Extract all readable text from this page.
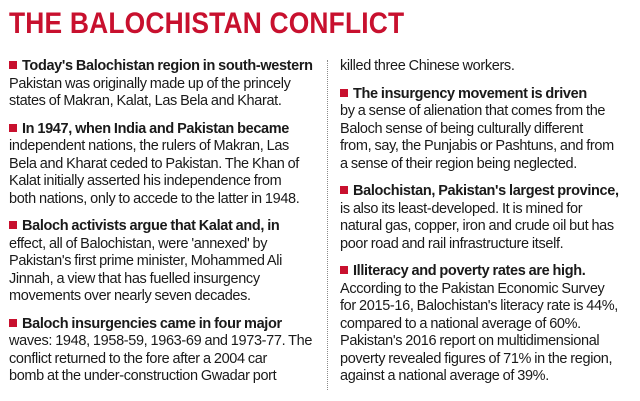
THE BALOCHISTAN CONFLICT
Today's Balochistan region in south-western
Pakistan was originally made up of the princely
states of Makran, Kalat, Las Bela and Kharat.
In 1947, when India and Pakistan became
independent nations, the rulers of Makran, Las
Bela and Kharat ceded to Pakistan. The Khan of
Kalat initially asserted his independence from
both nations, only to accede to the latter in 1948.
Baloch activists argue that Kalat and, in
effect, all of Balochistan, were 'annexed' by
Pakistan's first prime minister, Mohammed Ali
Jinnah, a view that has fuelled insurgency
movements over nearly seven decades.
Baloch insurgencies came in four major
waves: 1948, 1958-59, 1963-69 and 1973-77. The
conflict returned to the fore after a 2004 car
bomb at the under-construction Gwadar port
killed three Chinese workers.
The insurgency movement is driven
by a sense of alienation that comes from the
Baloch sense of being culturally different
from, say, the Punjabis or Pashtuns, and from
a sense of their region being neglected.
Balochistan, Pakistan's largest province,
is also its least-developed. It is mined for
natural gas, copper, iron and crude oil but has
poor road and rail infrastructure itself.
Illiteracy and poverty rates are high.
According to the Pakistan Economic Survey
for 2015-16, Balochistan's literacy rate is 44%,
compared to a national average of 60%.
Pakistan's 2016 report on multidimensional
poverty revealed figures of 71% in the region,
against a national average of 39%.
